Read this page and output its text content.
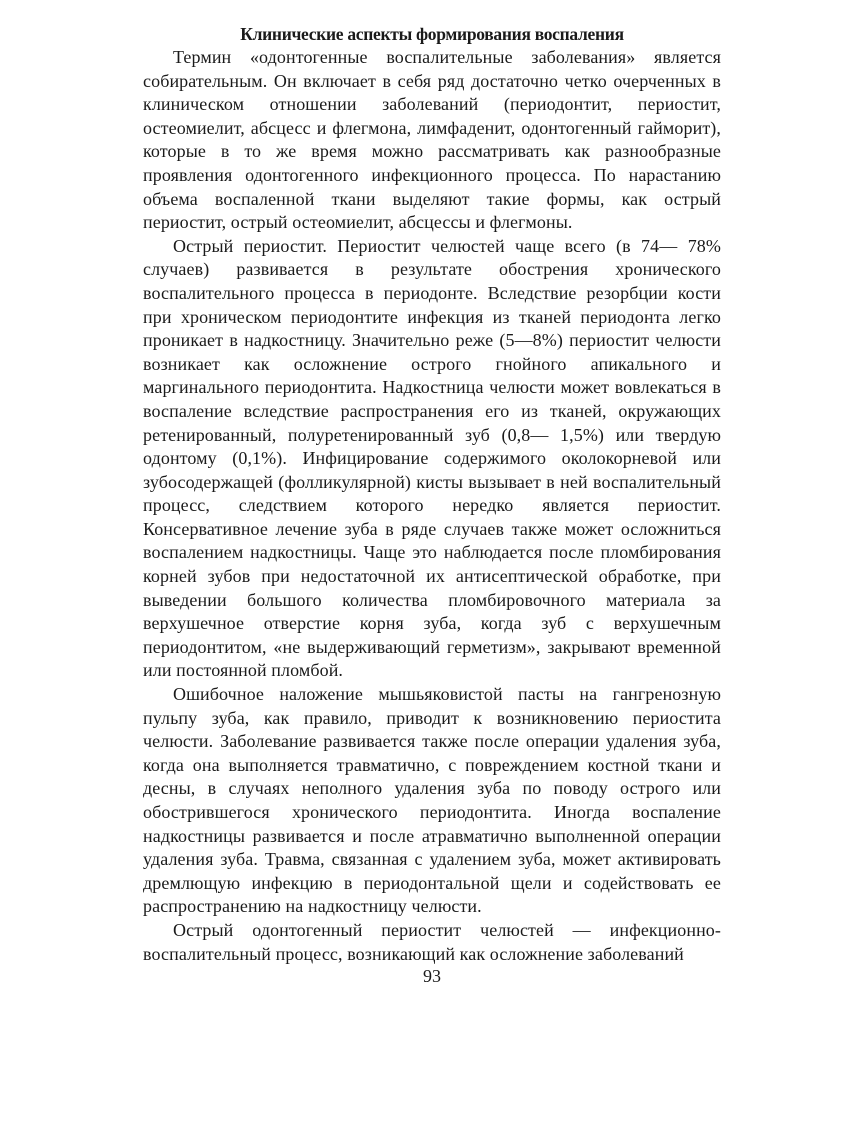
Клинические аспекты формирования воспаления

Термин «одонтогенные воспалительные заболевания» является собирательным. Он включает в себя ряд достаточно четко очерченных в клиническом отношении заболеваний (периодонтит, периостит, остеомиелит, абсцесс и флегмона, лимфаденит, одонтогенный гайморит), которые в то же время можно рассматривать как разнообразные проявления одонтогенного инфекционного процесса. По нарастанию объема воспаленной ткани выделяют такие формы, как острый периостит, острый остеомиелит, абсцессы и флегмоны.

Острый периостит. Периостит челюстей чаще всего (в 74— 78% случаев) развивается в результате обострения хронического воспалительного процесса в периодонте. Вследствие резорбции кости при хроническом периодонтите инфекция из тканей периодонта легко проникает в надкостницу. Значительно реже (5—8%) периостит челюсти возникает как осложнение острого гнойного апикального и маргинального периодонтита. Надкостница челюсти может вовлекаться в воспаление вследствие распространения его из тканей, окружающих ретенированный, полуретенированный зуб (0,8— 1,5%) или твердую одонтому (0,1%). Инфицирование содержимого околокорневой или зубосодержащей (фолликулярной) кисты вызывает в ней воспалительный процесс, следствием которого нередко является периостит. Консервативное лечение зуба в ряде случаев также может осложниться воспалением надкостницы. Чаще это наблюдается после пломбирования корней зубов при недостаточной их антисептической обработке, при выведении большого количества пломбировочного материала за верхушечное отверстие корня зуба, когда зуб с верхушечным периодонтитом, «не выдерживающий герметизм», закрывают временной или постоянной пломбой.

Ошибочное наложение мышьяковистой пасты на гангренозную пульпу зуба, как правило, приводит к возникновению периостита челюсти. Заболевание развивается также после операции удаления зуба, когда она выполняется травматично, с повреждением костной ткани и десны, в случаях неполного удаления зуба по поводу острого или обострившегося хронического периодонтита. Иногда воспаление надкостницы развивается и после атравматично выполненной операции удаления зуба. Травма, связанная с удалением зуба, может активировать дремлющую инфекцию в периодонтальной щели и содействовать ее распространению на надкостницу челюсти.

Острый одонтогенный периостит челюстей — инфекционно-воспалительный процесс, возникающий как осложнение заболеваний

93
